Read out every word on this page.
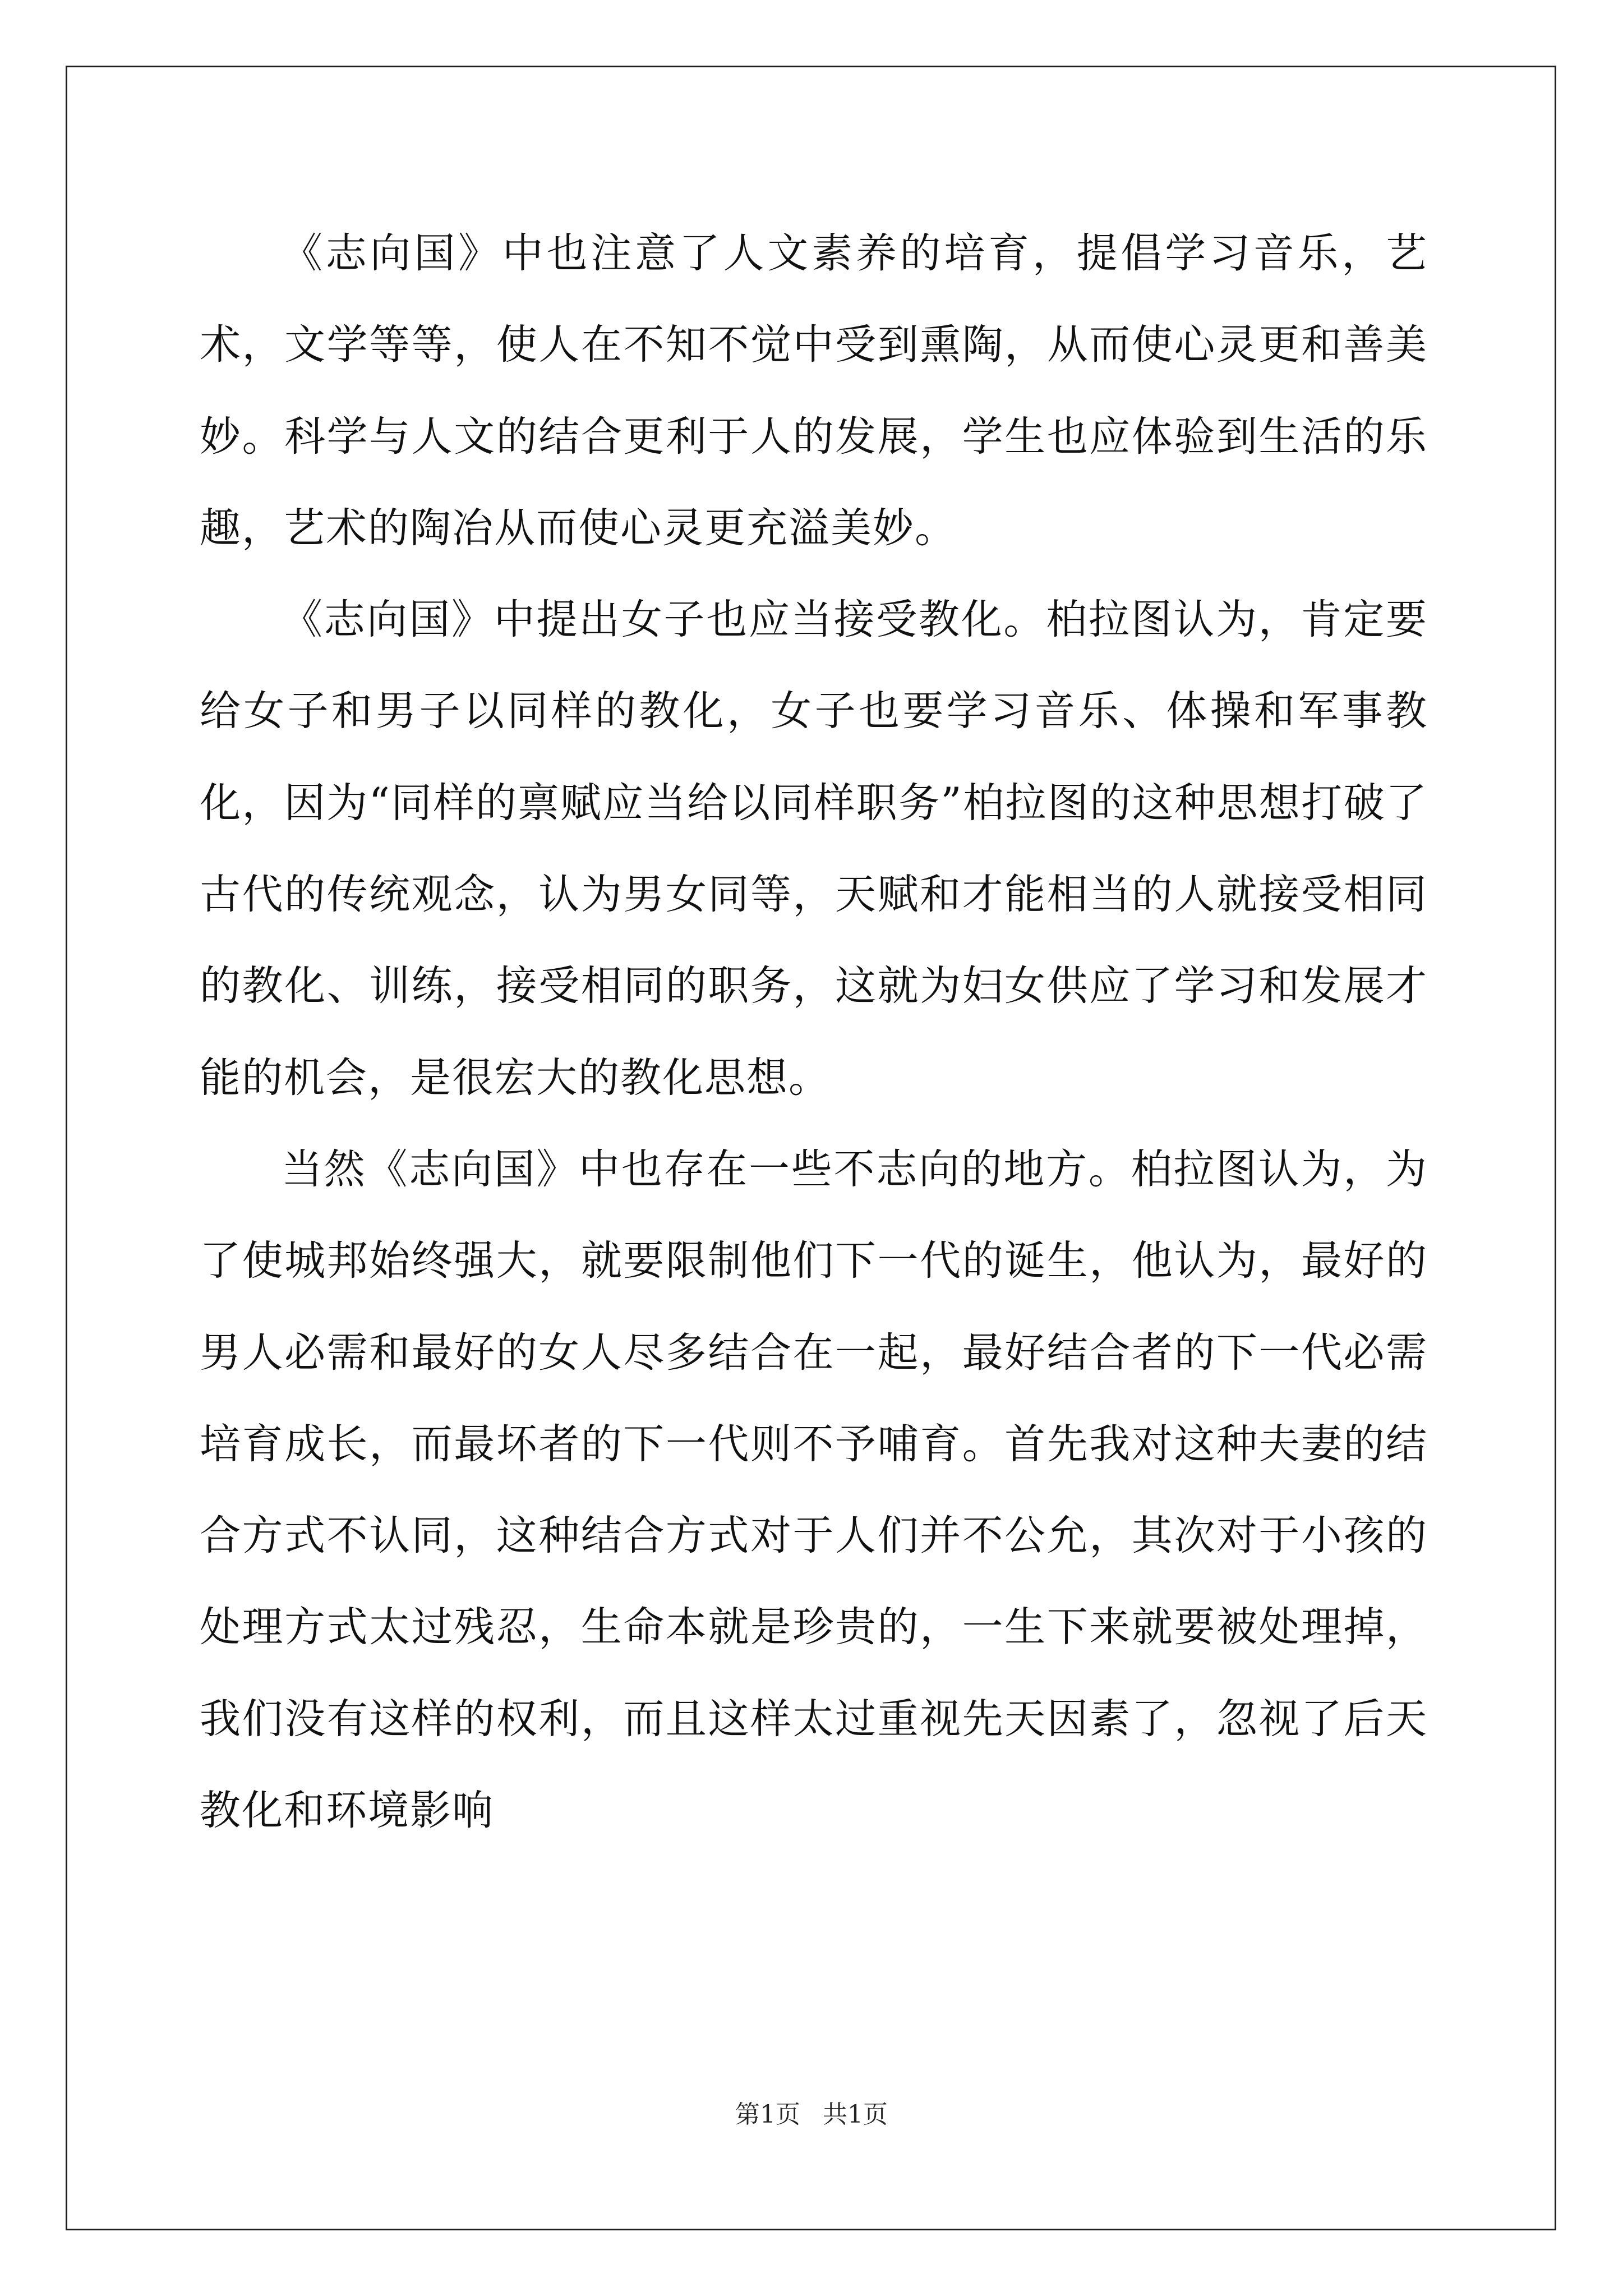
《志向国》中也注意了人文素养的培育，提倡学习音乐，艺术，文学等等，使人在不知不觉中受到熏陶，从而使心灵更和善美妙。科学与人文的结合更利于人的发展，学生也应体验到生活的乐趣，艺术的陶冶从而使心灵更充溢美妙。

《志向国》中提出女子也应当接受教化。柏拉图认为，肯定要给女子和男子以同样的教化，女子也要学习音乐、体操和军事教化，因为“同样的禀赋应当给以同样职务”柏拉图的这种思想打破了古代的传统观念，认为男女同等，天赋和才能相当的人就接受相同的教化、训练，接受相同的职务，这就为妇女供应了学习和发展才能的机会，是很宏大的教化思想。

当然《志向国》中也存在一些不志向的地方。柏拉图认为，为了使城邦始终强大，就要限制他们下一代的诞生，他认为，最好的男人必需和最好的女人尽多结合在一起，最好结合者的下一代必需培育成长，而最坏者的下一代则不予哺育。首先我对这种夫妻的结合方式不认同，这种结合方式对于人们并不公允，其次对于小孩的处理方式太过残忍，生命本就是珍贵的，一生下来就要被处理掉，我们没有这样的权利，而且这样太过重视先天因素了，忽视了后天教化和环境影响

第1页 共1页
